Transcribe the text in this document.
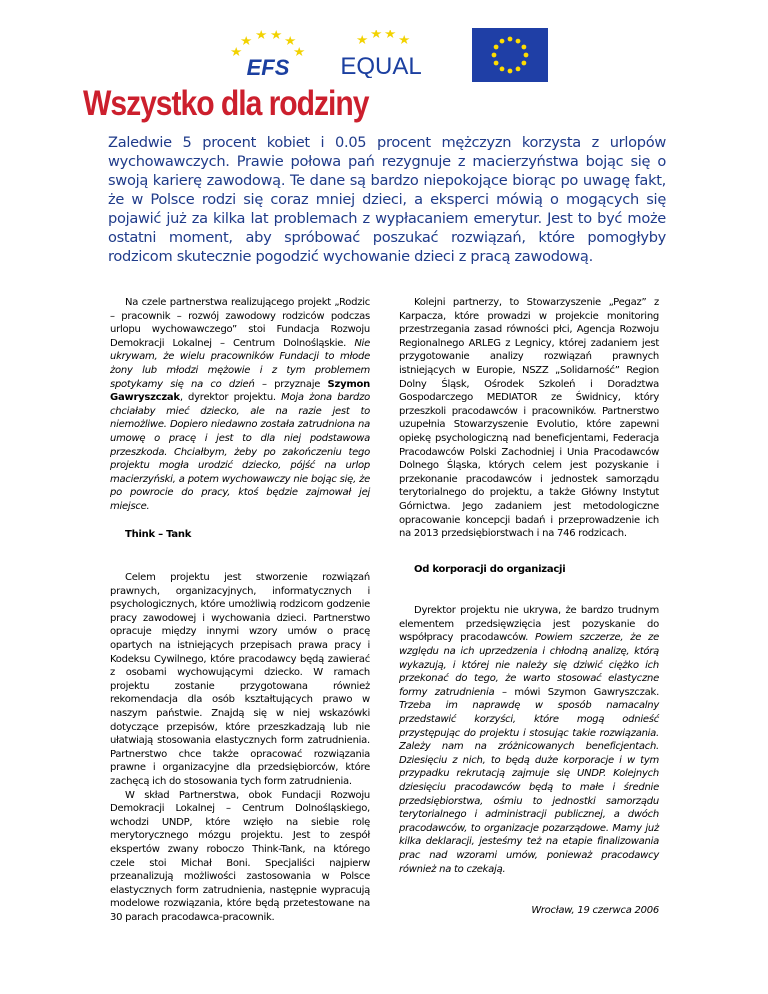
EFS EQUAL
Wszystko dla rodziny

Zaledwie 5 procent kobiet i 0.05 procent mężczyzn korzysta z urlopów wychowawczych. Prawie połowa pań rezygnuje z macierzyństwa bojąc się o swoją karierę zawodową. Te dane są bardzo niepokojące biorąc po uwagę fakt, że w Polsce rodzi się coraz mniej dzieci, a eksperci mówią o mogących się pojawić już za kilka lat problemach z wypłacaniem emerytur. Jest to być może ostatni moment, aby spróbować poszukać rozwiązań, które pomogłyby rodzicom skutecznie pogodzić wychowanie dzieci z pracą zawodową.

Na czele partnerstwa realizującego projekt „Rodzic – pracownik – rozwój zawodowy rodziców podczas urlopu wychowawczego” stoi Fundacja Rozwoju Demokracji Lokalnej – Centrum Dolnośląskie. Nie ukrywam, że wielu pracowników Fundacji to młode żony lub młodzi mężowie i z tym problemem spotykamy się na co dzień – przyznaje Szymon Gawryszczak, dyrektor projektu. Moja żona bardzo chciałaby mieć dziecko, ale na razie jest to niemożliwe. Dopiero niedawno została zatrudniona na umowę o pracę i jest to dla niej podstawowa przeszkoda. Chciałbym, żeby po zakończeniu tego projektu mogła urodzić dziecko, pójść na urlop macierzyński, a potem wychowawczy nie bojąc się, że po powrocie do pracy, ktoś będzie zajmował jej miejsce.

Think – Tank

Celem projektu jest stworzenie rozwiązań prawnych, organizacyjnych, informatycznych i psychologicznych, które umożliwią rodzicom godzenie pracy zawodowej i wychowania dzieci. Partnerstwo opracuje między innymi wzory umów o pracę opartych na istniejących przepisach prawa pracy i Kodeksu Cywilnego, które pracodawcy będą zawierać z osobami wychowującymi dziecko. W ramach projektu zostanie przygotowana również rekomendacja dla osób kształtujących prawo w naszym państwie. Znajdą się w niej wskazówki dotyczące przepisów, które przeszkadzają lub nie ułatwiają stosowania elastycznych form zatrudnienia. Partnerstwo chce także opracować rozwiązania prawne i organizacyjne dla przedsiębiorców, które zachęcą ich do stosowania tych form zatrudnienia.

W skład Partnerstwa, obok Fundacji Rozwoju Demokracji Lokalnej – Centrum Dolnośląskiego, wchodzi UNDP, które wzięło na siebie rolę merytorycznego mózgu projektu. Jest to zespół ekspertów zwany roboczo Think-Tank, na którego czele stoi Michał Boni. Specjaliści najpierw przeanalizują możliwości zastosowania w Polsce elastycznych form zatrudnienia, następnie wypracują modelowe rozwiązania, które będą przetestowane na 30 parach pracodawca-pracownik.

Kolejni partnerzy, to Stowarzyszenie „Pegaz” z Karpacza, które prowadzi w projekcie monitoring przestrzegania zasad równości płci, Agencja Rozwoju Regionalnego ARLEG z Legnicy, której zadaniem jest przygotowanie analizy rozwiązań prawnych istniejących w Europie, NSZZ „Solidarność” Region Dolny Śląsk, Ośrodek Szkoleń i Doradztwa Gospodarczego MEDIATOR ze Świdnicy, który przeszkoli pracodawców i pracowników. Partnerstwo uzupełnia Stowarzyszenie Evolutio, które zapewni opiekę psychologiczną nad beneficjentami, Federacja Pracodawców Polski Zachodniej i Unia Pracodawców Dolnego Śląska, których celem jest pozyskanie i przekonanie pracodawców i jednostek samorządu terytorialnego do projektu, a także Główny Instytut Górnictwa. Jego zadaniem jest metodologiczne opracowanie koncepcji badań i przeprowadzenie ich na 2013 przedsiębiorstwach i na 746 rodzicach.

Od korporacji do organizacji

Dyrektor projektu nie ukrywa, że bardzo trudnym elementem przedsięwzięcia jest pozyskanie do współpracy pracodawców. Powiem szczerze, że ze względu na ich uprzedzenia i chłodną analizę, którą wykazują, i której nie należy się dziwić ciężko ich przekonać do tego, że warto stosować elastyczne formy zatrudnienia – mówi Szymon Gawryszczak. Trzeba im naprawdę w sposób namacalny przedstawić korzyści, które mogą odnieść przystępując do projektu i stosując takie rozwiązania. Zależy nam na zróżnicowanych beneficjentach. Dziesięciu z nich, to będą duże korporacje i w tym przypadku rekrutacją zajmuje się UNDP. Kolejnych dziesięciu pracodawców będą to małe i średnie przedsiębiorstwa, ośmiu to jednostki samorządu terytorialnego i administracji publicznej, a dwóch pracodawców, to organizacje pozarządowe. Mamy już kilka deklaracji, jesteśmy też na etapie finalizowania prac nad wzorami umów, ponieważ pracodawcy również na to czekają.

Wrocław, 19 czerwca 2006
